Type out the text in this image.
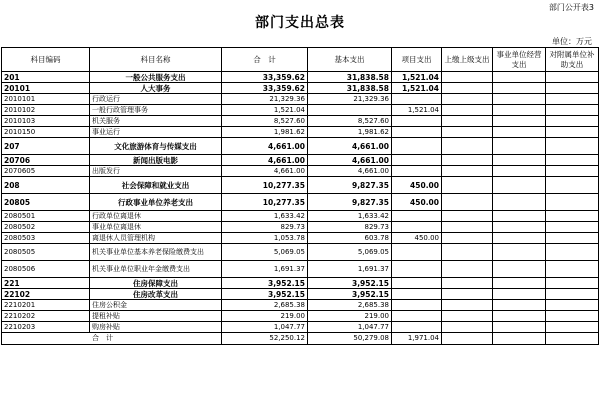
部门公开表3
部门支出总表
单位：万元
科目编码	科目名称	合　计	基本支出	项目支出	上缴上级支出	事业单位经营支出	对附属单位补助支出
201	一般公共服务支出	33,359.62	31,838.58	1,521.04			
20101	人大事务	33,359.62	31,838.58	1,521.04			
2010101	行政运行	21,329.36	21,329.36				
2010102	一般行政管理事务	1,521.04		1,521.04			
2010103	机关服务	8,527.60	8,527.60				
2010150	事业运行	1,981.62	1,981.62				
207	文化旅游体育与传媒支出	4,661.00	4,661.00				
20706	新闻出版电影	4,661.00	4,661.00				
2070605	出版发行	4,661.00	4,661.00				
208	社会保障和就业支出	10,277.35	9,827.35	450.00			
20805	行政事业单位养老支出	10,277.35	9,827.35	450.00			
2080501	行政单位离退休	1,633.42	1,633.42				
2080502	事业单位离退休	829.73	829.73				
2080503	离退休人员管理机构	1,053.78	603.78	450.00			
2080505	机关事业单位基本养老保险缴费支出	5,069.05	5,069.05				
2080506	机关事业单位职业年金缴费支出	1,691.37	1,691.37				
221	住房保障支出	3,952.15	3,952.15				
22102	住房改革支出	3,952.15	3,952.15				
2210201	住房公积金	2,685.38	2,685.38				
2210202	提租补贴	219.00	219.00				
2210203	购房补贴	1,047.77	1,047.77				
合　计		52,250.12	50,279.08	1,971.04			
